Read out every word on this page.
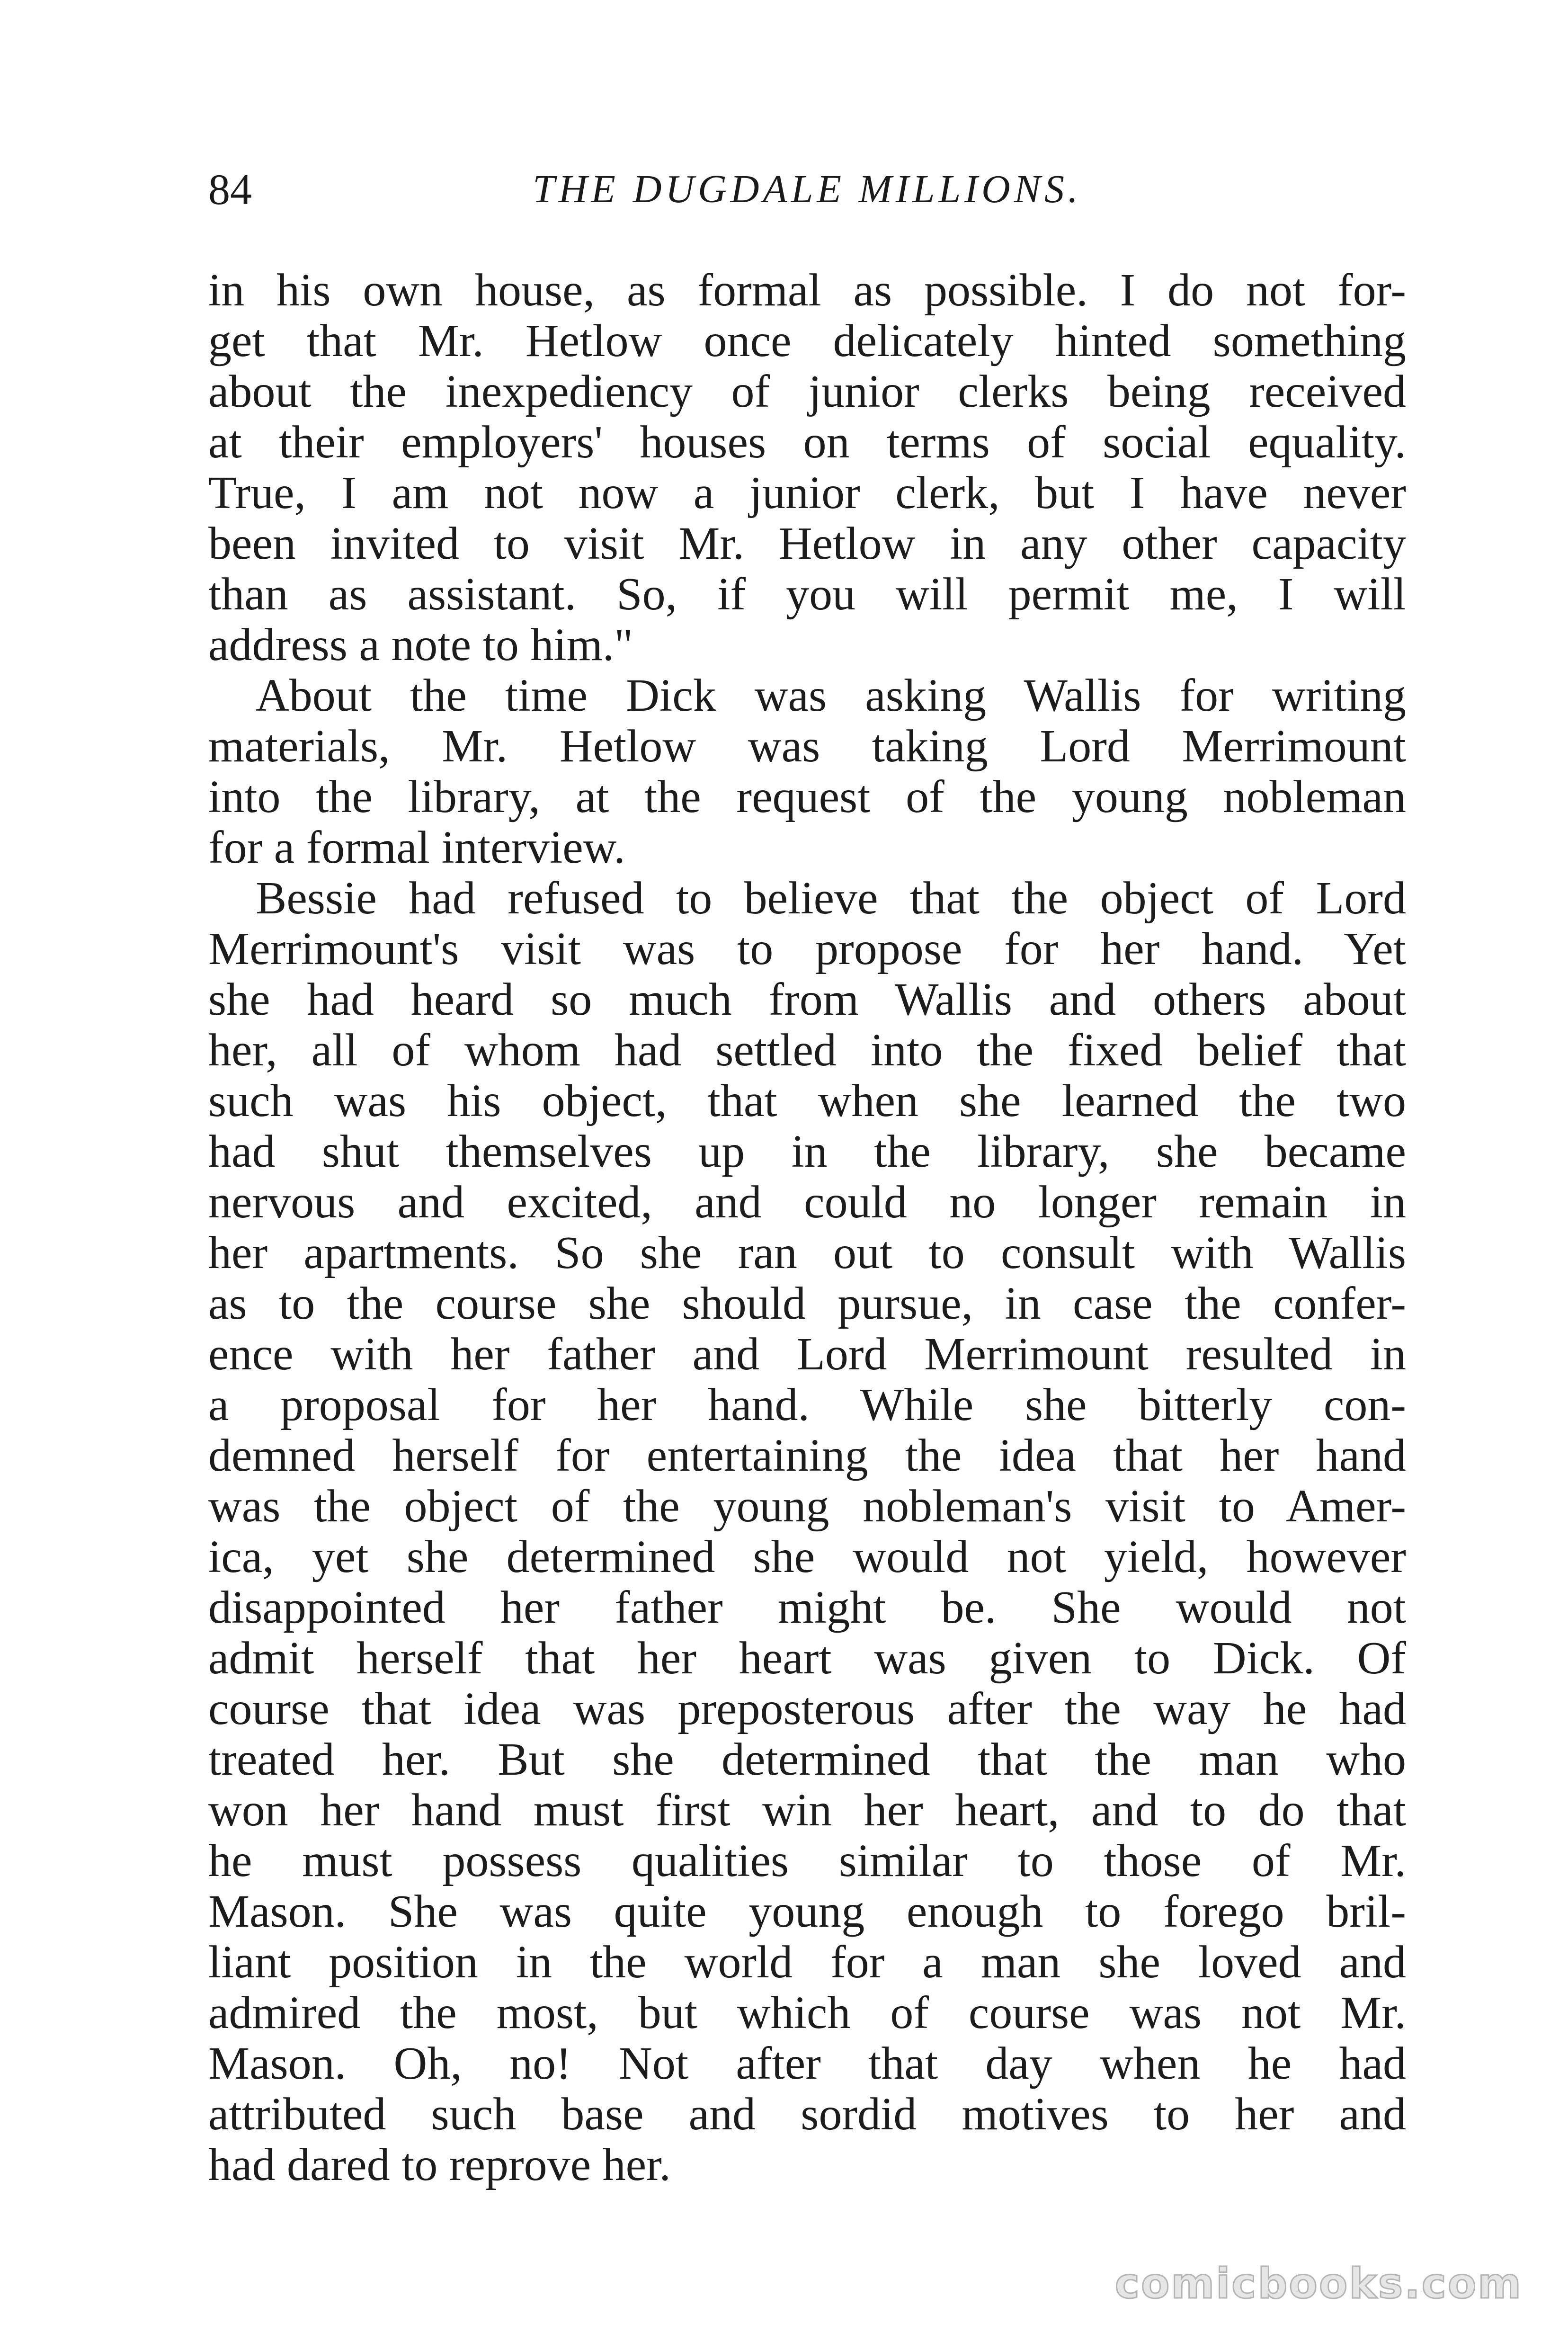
84	THE DUGDALE MILLIONS.
in his own house, as formal as possible. I do not for-
get that Mr. Hetlow once delicately hinted something
about the inexpediency of junior clerks being received
at their employers' houses on terms of social equality.
True, I am not now a junior clerk, but I have never
been invited to visit Mr. Hetlow in any other capacity
than as assistant. So, if you will permit me, I will
address a note to him."
About the time Dick was asking Wallis for writing
materials, Mr. Hetlow was taking Lord Merrimount
into the library, at the request of the young nobleman
for a formal interview.
Bessie had refused to believe that the object of Lord
Merrimount's visit was to propose for her hand. Yet
she had heard so much from Wallis and others about
her, all of whom had settled into the fixed belief that
such was his object, that when she learned the two
had shut themselves up in the library, she became
nervous and excited, and could no longer remain in
her apartments. So she ran out to consult with Wallis
as to the course she should pursue, in case the confer-
ence with her father and Lord Merrimount resulted in
a proposal for her hand. While she bitterly con-
demned herself for entertaining the idea that her hand
was the object of the young nobleman's visit to Amer-
ica, yet she determined she would not yield, however
disappointed her father might be. She would not
admit herself that her heart was given to Dick. Of
course that idea was preposterous after the way he had
treated her. But she determined that the man who
won her hand must first win her heart, and to do that
he must possess qualities similar to those of Mr.
Mason. She was quite young enough to forego bril-
liant position in the world for a man she loved and
admired the most, but which of course was not Mr.
Mason. Oh, no! Not after that day when he had
attributed such base and sordid motives to her and
had dared to reprove her.
comicbooks.com
